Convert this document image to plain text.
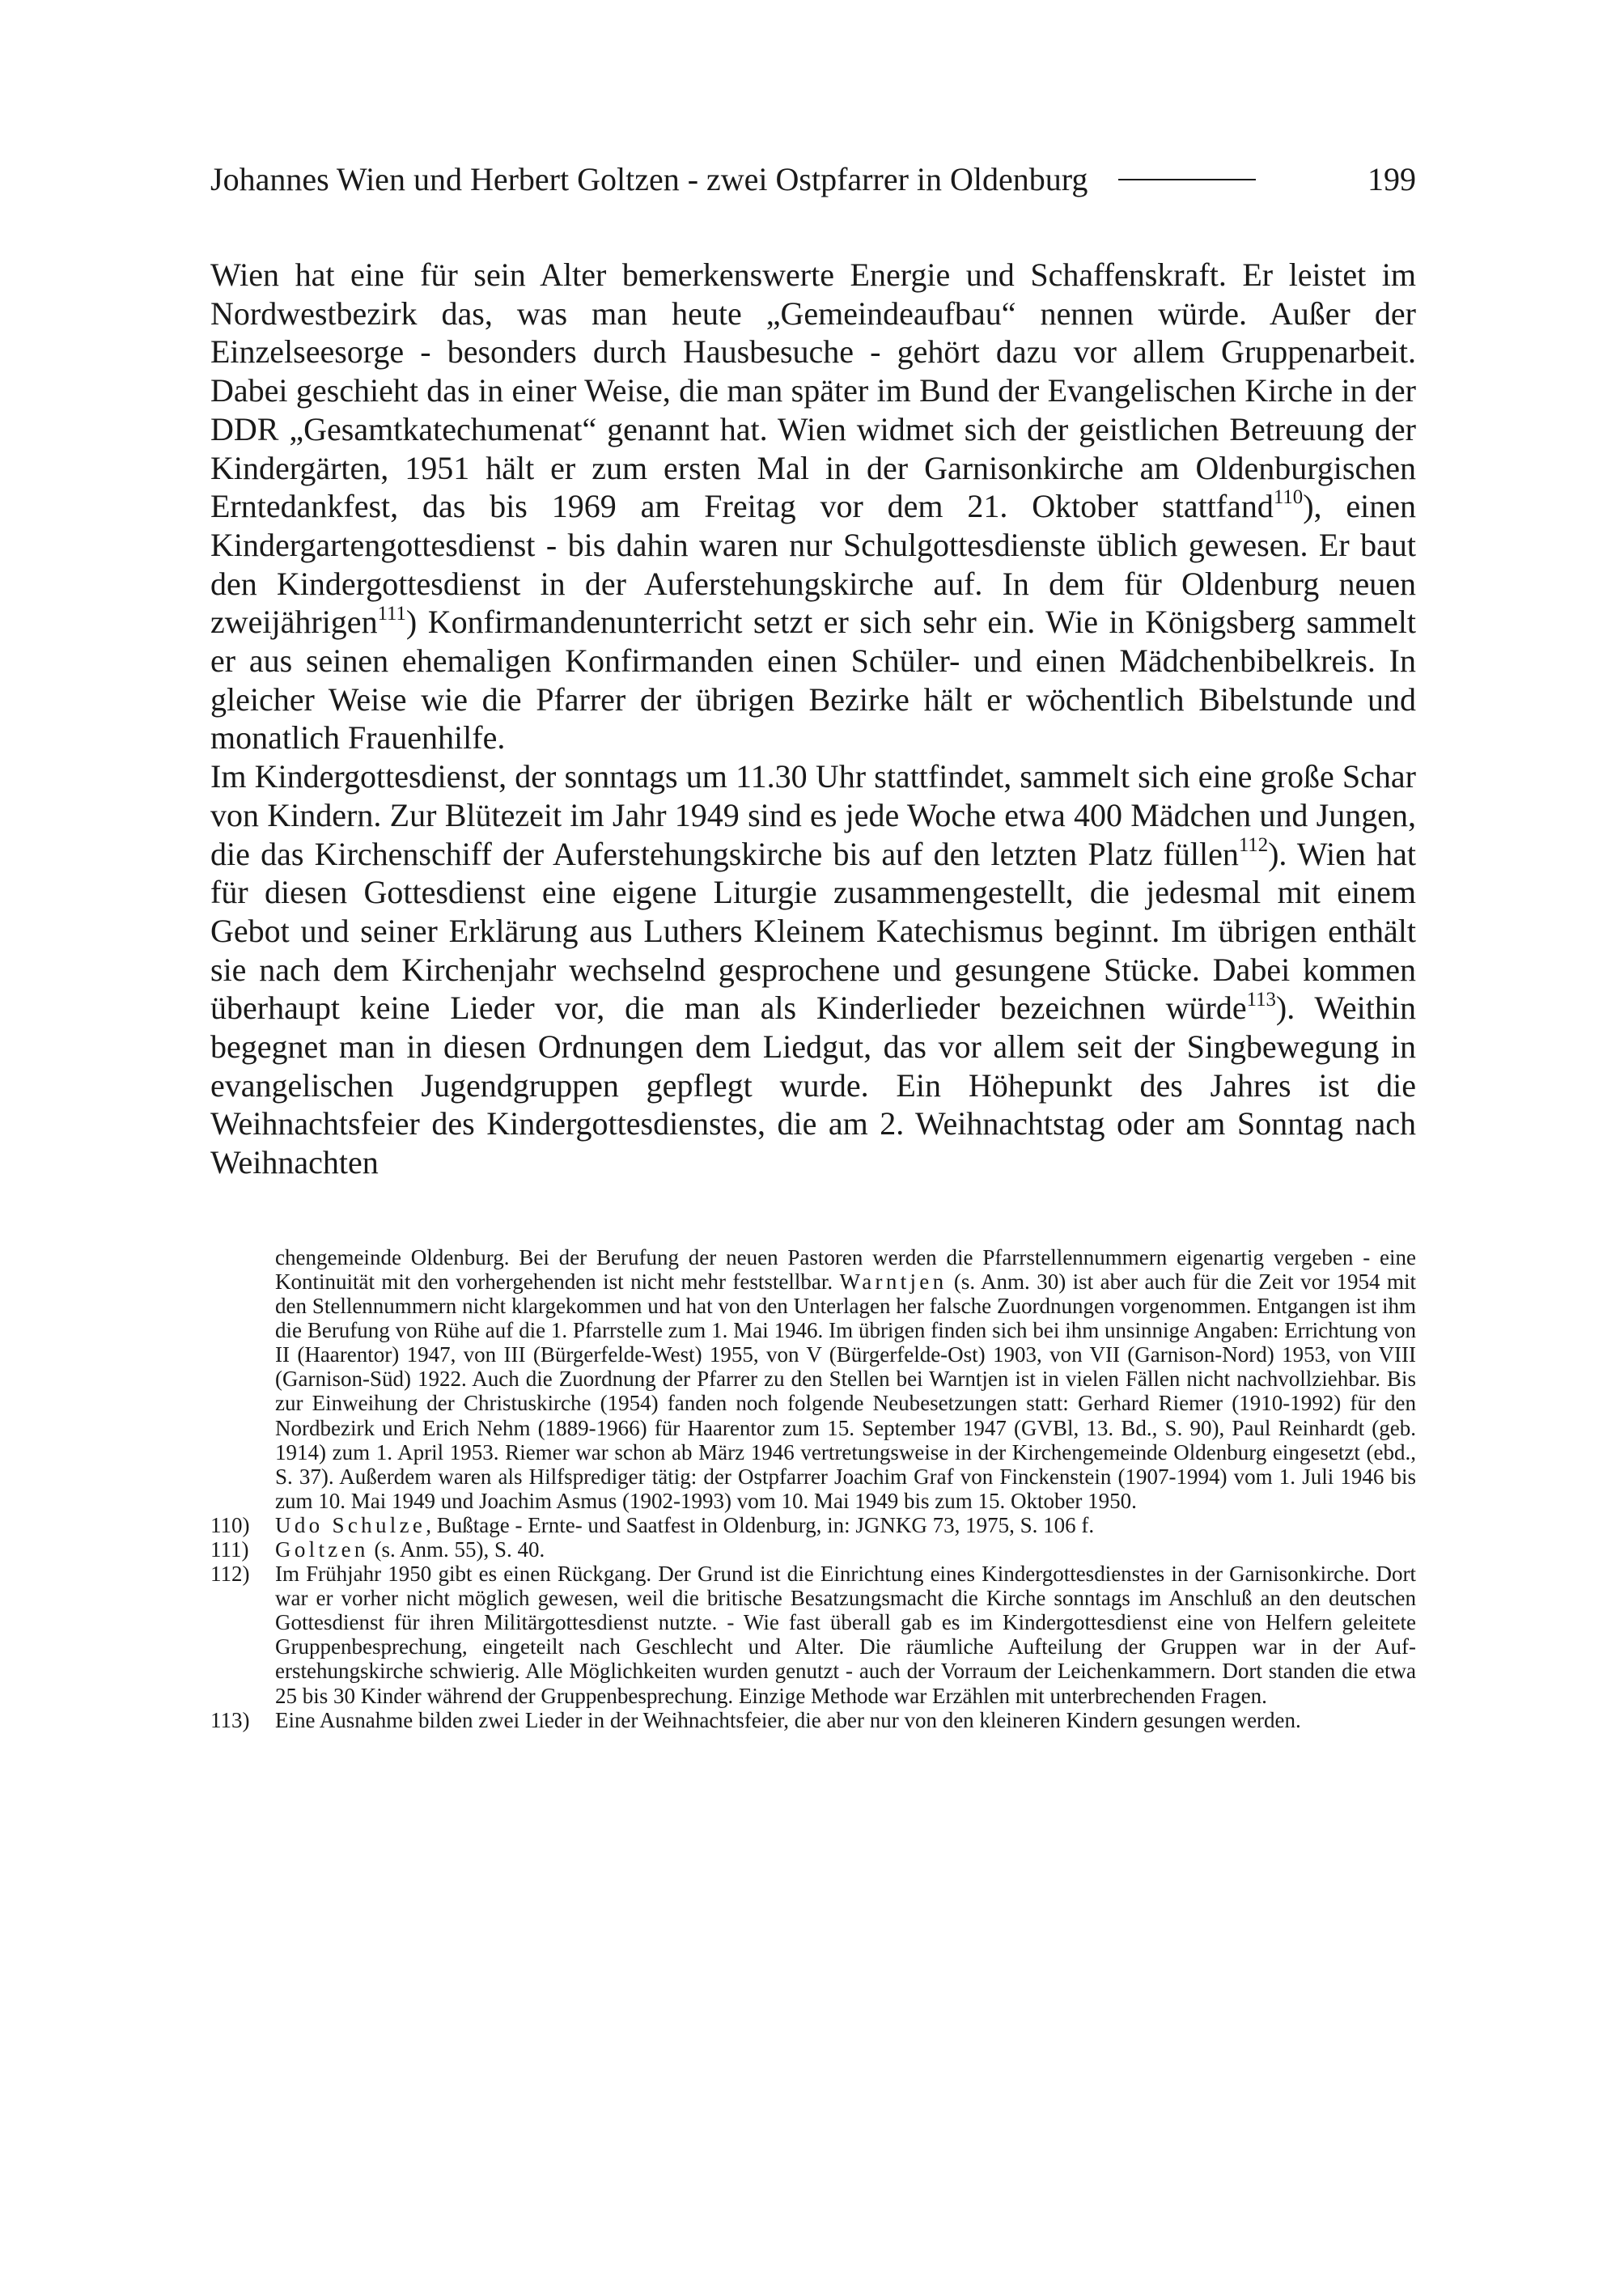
Johannes Wien und Herbert Goltzen - zwei Ostpfarrer in Oldenburg	199

Wien hat eine für sein Alter bemerkenswerte Energie und Schaffenskraft. Er leistet im Nordwestbezirk das, was man heute „Gemeindeaufbau“ nennen würde. Außer der Einzelseesorge - besonders durch Hausbesuche - gehört dazu vor allem Gruppenarbeit. Dabei geschieht das in einer Weise, die man später im Bund der Evangelischen Kirche in der DDR „Gesamtkatechumenat“ genannt hat. Wien widmet sich der geistlichen Betreuung der Kindergärten, 1951 hält er zum ersten Mal in der Garnisonkirche am Oldenburgischen Erntedankfest, das bis 1969 am Freitag vor dem 21. Oktober stattfand$^{110}$), einen Kindergartengottesdienst - bis dahin waren nur Schulgottesdienste üblich gewesen. Er baut den Kindergottesdienst in der Auferstehungskirche auf. In dem für Oldenburg neuen zweijährigen$^{111}$) Konfirmandenunterricht setzt er sich sehr ein. Wie in Königsberg sammelt er aus seinen ehemaligen Konfirmanden einen Schüler- und einen Mädchenbibelkreis. In gleicher Weise wie die Pfarrer der übrigen Bezirke hält er wöchentlich Bibelstunde und monatlich Frauenhilfe.

Im Kindergottesdienst, der sonntags um 11.30 Uhr stattfindet, sammelt sich eine große Schar von Kindern. Zur Blütezeit im Jahr 1949 sind es jede Woche etwa 400 Mädchen und Jungen, die das Kirchenschiff der Auferstehungskirche bis auf den letzten Platz füllen$^{112}$). Wien hat für diesen Gottesdienst eine eigene Liturgie zusammengestellt, die jedesmal mit einem Gebot und seiner Erklärung aus Luthers Kleinem Katechismus beginnt. Im übrigen enthält sie nach dem Kirchenjahr wechselnd gesprochene und gesungene Stücke. Dabei kommen überhaupt keine Lieder vor, die man als Kinderlieder bezeichnen würde$^{113}$). Weithin begegnet man in diesen Ordnungen dem Liedgut, das vor allem seit der Singbewegung in evangelischen Jugendgruppen gepflegt wurde. Ein Höhepunkt des Jahres ist die Weihnachtsfeier des Kindergottesdienstes, die am 2. Weihnachtstag oder am Sonntag nach Weihnachten

chengemeinde Oldenburg. Bei der Berufung der neuen Pastoren werden die Pfarrstellennummern eigenartig vergeben - eine Kontinuität mit den vorhergehenden ist nicht mehr feststellbar. Warntjen (s. Anm. 30) ist aber auch für die Zeit vor 1954 mit den Stellennummern nicht klargekommen und hat von den Unterlagen her falsche Zuordnungen vorgenommen. Entgangen ist ihm die Berufung von Rühe auf die 1. Pfarrstelle zum 1. Mai 1946. Im übrigen finden sich bei ihm unsinnige Angaben: Errichtung von II (Haarentor) 1947, von III (Bürgerfelde-West) 1955, von V (Bürgerfelde-Ost) 1903, von VII (Garnison-Nord) 1953, von VIII (Garnison-Süd) 1922. Auch die Zuordnung der Pfarrer zu den Stellen bei Warntjen ist in vielen Fällen nicht nachvollziehbar. Bis zur Einweihung der Christuskirche (1954) fanden noch folgende Neubesetzungen statt: Gerhard Riemer (1910-1992) für den Nordbezirk und Erich Nehm (1889-1966) für Haarentor zum 15. September 1947 (GVBl, 13. Bd., S. 90), Paul Reinhardt (geb. 1914) zum 1. April 1953. Riemer war schon ab März 1946 vertretungsweise in der Kirchengemeinde Oldenburg eingesetzt (ebd., S. 37). Außerdem waren als Hilfsprediger tätig: der Ostpfarrer Joachim Graf von Finckenstein (1907-1994) vom 1. Juli 1946 bis zum 10. Mai 1949 und Joachim Asmus (1902-1993) vom 10. Mai 1949 bis zum 15. Oktober 1950.

110) Udo Schulze, Bußtage - Ernte- und Saatfest in Oldenburg, in: JGNKG 73, 1975, S. 106 f.

111) Goltzen (s. Anm. 55), S. 40.

112) Im Frühjahr 1950 gibt es einen Rückgang. Der Grund ist die Einrichtung eines Kindergottesdienstes in der Garnisonkirche. Dort war er vorher nicht möglich gewesen, weil die britische Besatzungsmacht die Kirche sonntags im Anschluß an den deutschen Gottesdienst für ihren Militärgottesdienst nutzte. - Wie fast überall gab es im Kindergottesdienst eine von Helfern geleitete Gruppenbesprechung, eingeteilt nach Geschlecht und Alter. Die räumliche Aufteilung der Gruppen war in der Auferstehungskirche schwierig. Alle Möglichkeiten wurden genutzt - auch der Vorraum der Leichenkammern. Dort standen die etwa 25 bis 30 Kinder während der Gruppenbesprechung. Einzige Methode war Erzählen mit unterbrechenden Fragen.

113) Eine Ausnahme bilden zwei Lieder in der Weihnachtsfeier, die aber nur von den kleineren Kindern gesungen werden.
